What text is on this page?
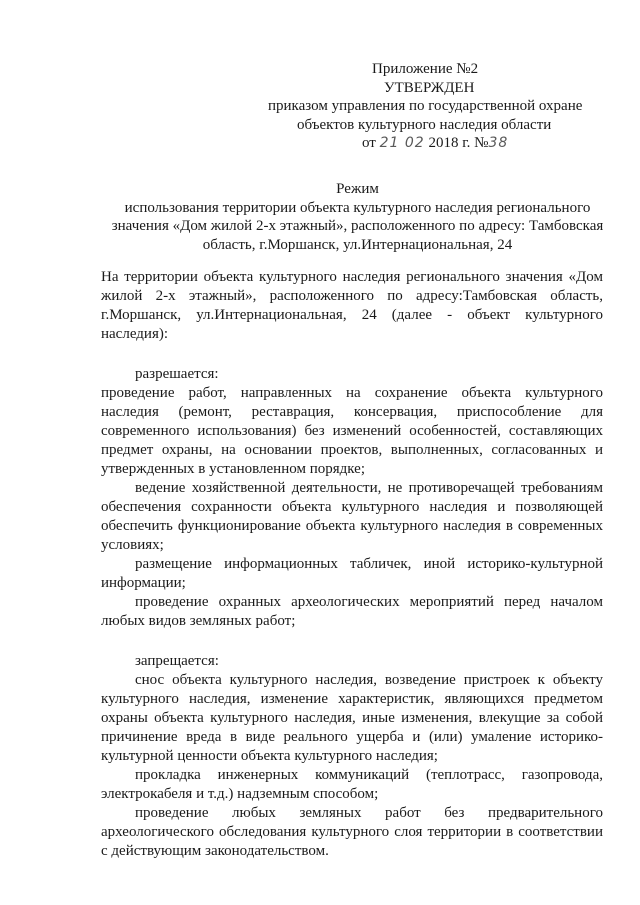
Приложение №2
УТВЕРЖДЕН
приказом управления по государственной охране
объектов культурного наследия области
от 21 02 2018 г. №38
Режим
использования территории объекта культурного наследия регионального
значения «Дом жилой 2-х этажный», расположенного по адресу: Тамбовская
область, г.Моршанск, ул.Интернациональная, 24

На территории объекта культурного наследия регионального значения «Дом жилой 2-х этажный», расположенного по адресу:Тамбовская область, г.Моршанск, ул.Интернациональная, 24 (далее - объект культурного наследия):

разрешается:

проведение работ, направленных на сохранение объекта культурного наследия (ремонт, реставрация, консервация, приспособление для современного использования) без изменений особенностей, составляющих предмет охраны, на основании проектов, выполненных, согласованных и утвержденных в установленном порядке;

ведение хозяйственной деятельности, не противоречащей требованиям обеспечения сохранности объекта культурного наследия и позволяющей обеспечить функционирование объекта культурного наследия в современных условиях;

размещение информационных табличек, иной историко-культурной информации;

проведение охранных археологических мероприятий перед началом любых видов земляных работ;

запрещается:

снос объекта культурного наследия, возведение пристроек к объекту культурного наследия, изменение характеристик, являющихся предметом охраны объекта культурного наследия, иные изменения, влекущие за собой причинение вреда в виде реального ущерба и (или) умаление историко-культурной ценности объекта культурного наследия;

прокладка инженерных коммуникаций (теплотрасс, газопровода, электрокабеля и т.д.) надземным способом;

проведение любых земляных работ без предварительного археологического обследования культурного слоя территории в соответствии с действующим законодательством.
